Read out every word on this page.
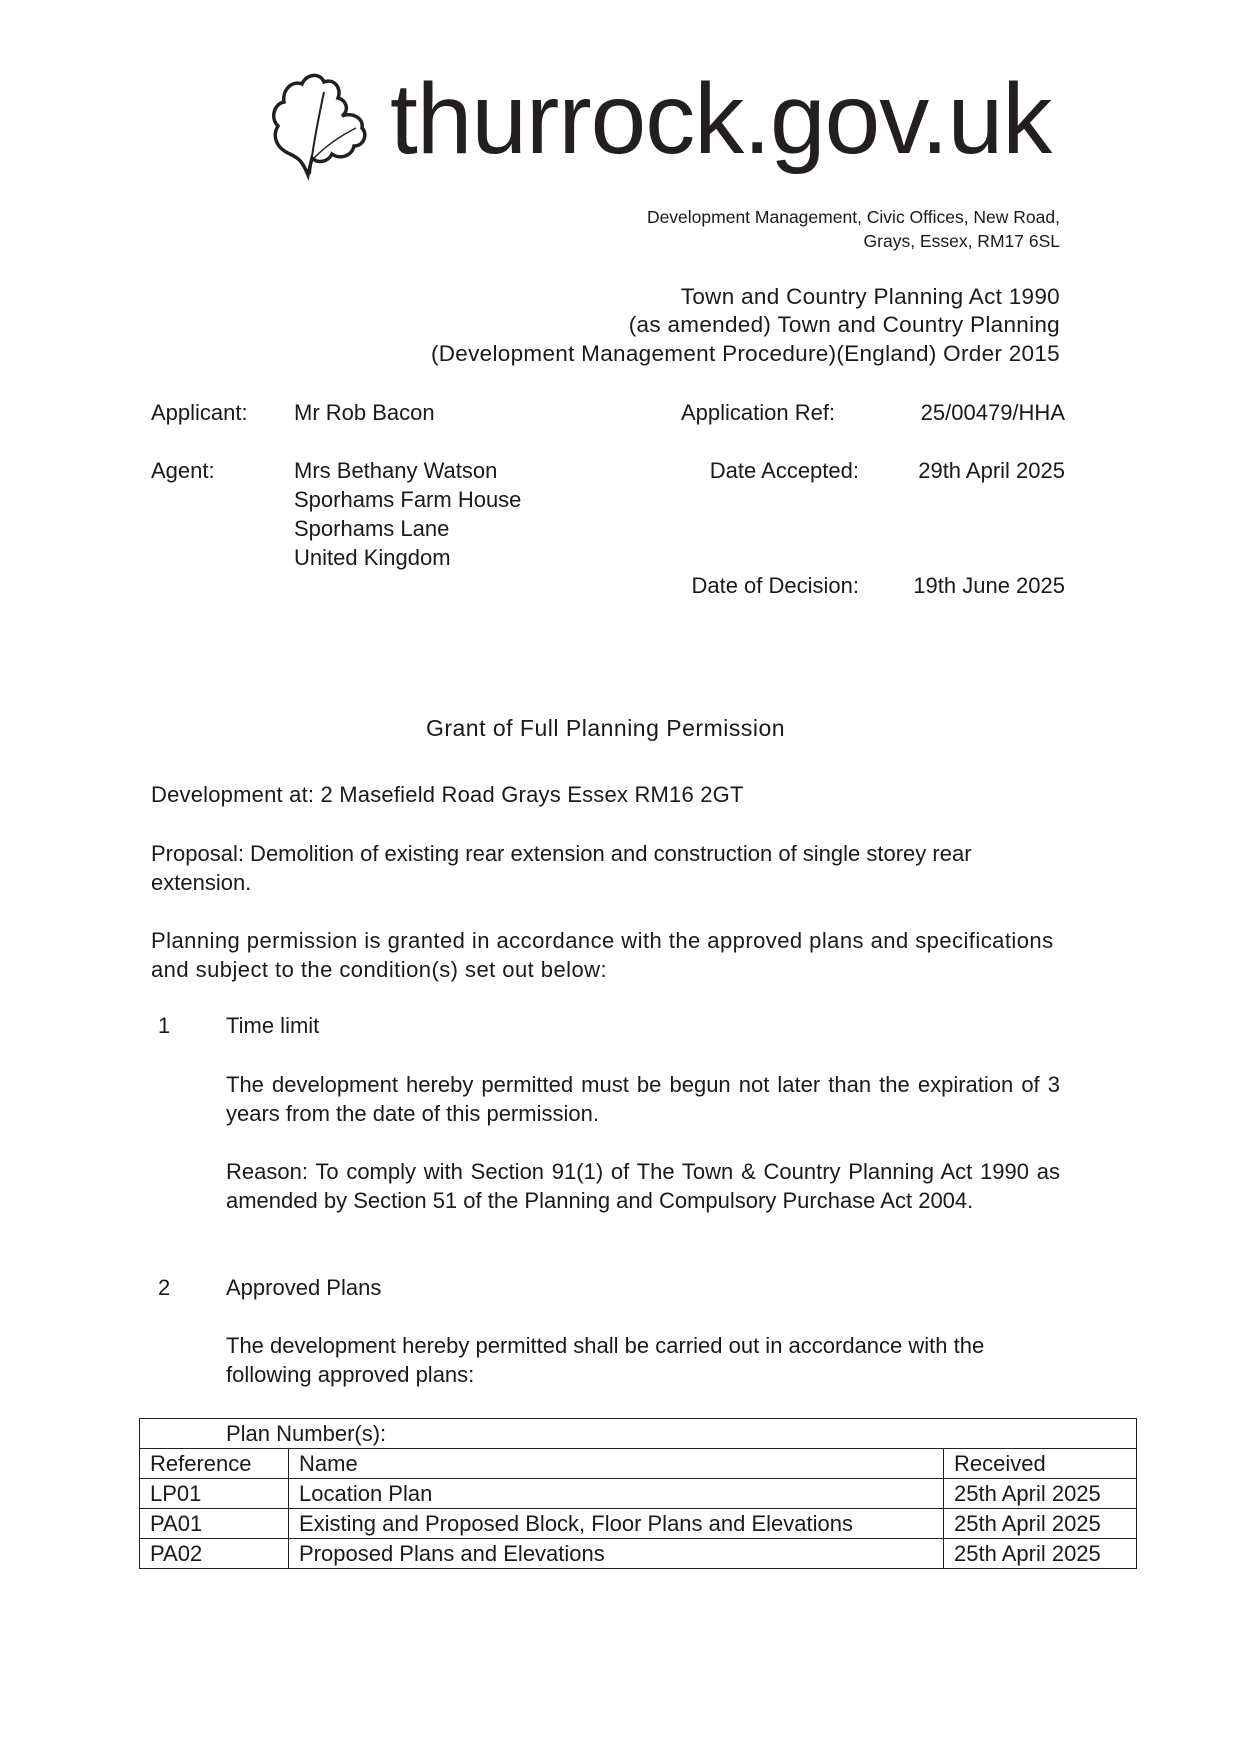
thurrock.gov.uk
Development Management, Civic Offices, New Road,
Grays, Essex, RM17 6SL
Town and Country Planning Act 1990
(as amended) Town and Country Planning
(Development Management Procedure)(England) Order 2015
Applicant: Mr Rob Bacon	Application Ref:	25/00479/HHA
Agent:	Mrs Bethany Watson
Sporhams Farm House
Sporhams Lane
United Kingdom
Date Accepted:	29th April 2025
Date of Decision: 19th June 2025
Grant of Full Planning Permission
Development at: 2 Masefield Road Grays Essex RM16 2GT
Proposal: Demolition of existing rear extension and construction of single storey rear extension.
Planning permission is granted in accordance with the approved plans and specifications and subject to the condition(s) set out below:
1	Time limit
The development hereby permitted must be begun not later than the expiration of 3 years from the date of this permission.
Reason: To comply with Section 91(1) of The Town & Country Planning Act 1990 as amended by Section 51 of the Planning and Compulsory Purchase Act 2004.
2	Approved Plans
The development hereby permitted shall be carried out in accordance with the following approved plans:
Plan Number(s):		
Reference	Name	Received
LP01	Location Plan	25th April 2025
PA01	Existing and Proposed Block, Floor Plans and Elevations	25th April 2025
PA02	Proposed Plans and Elevations	25th April 2025
